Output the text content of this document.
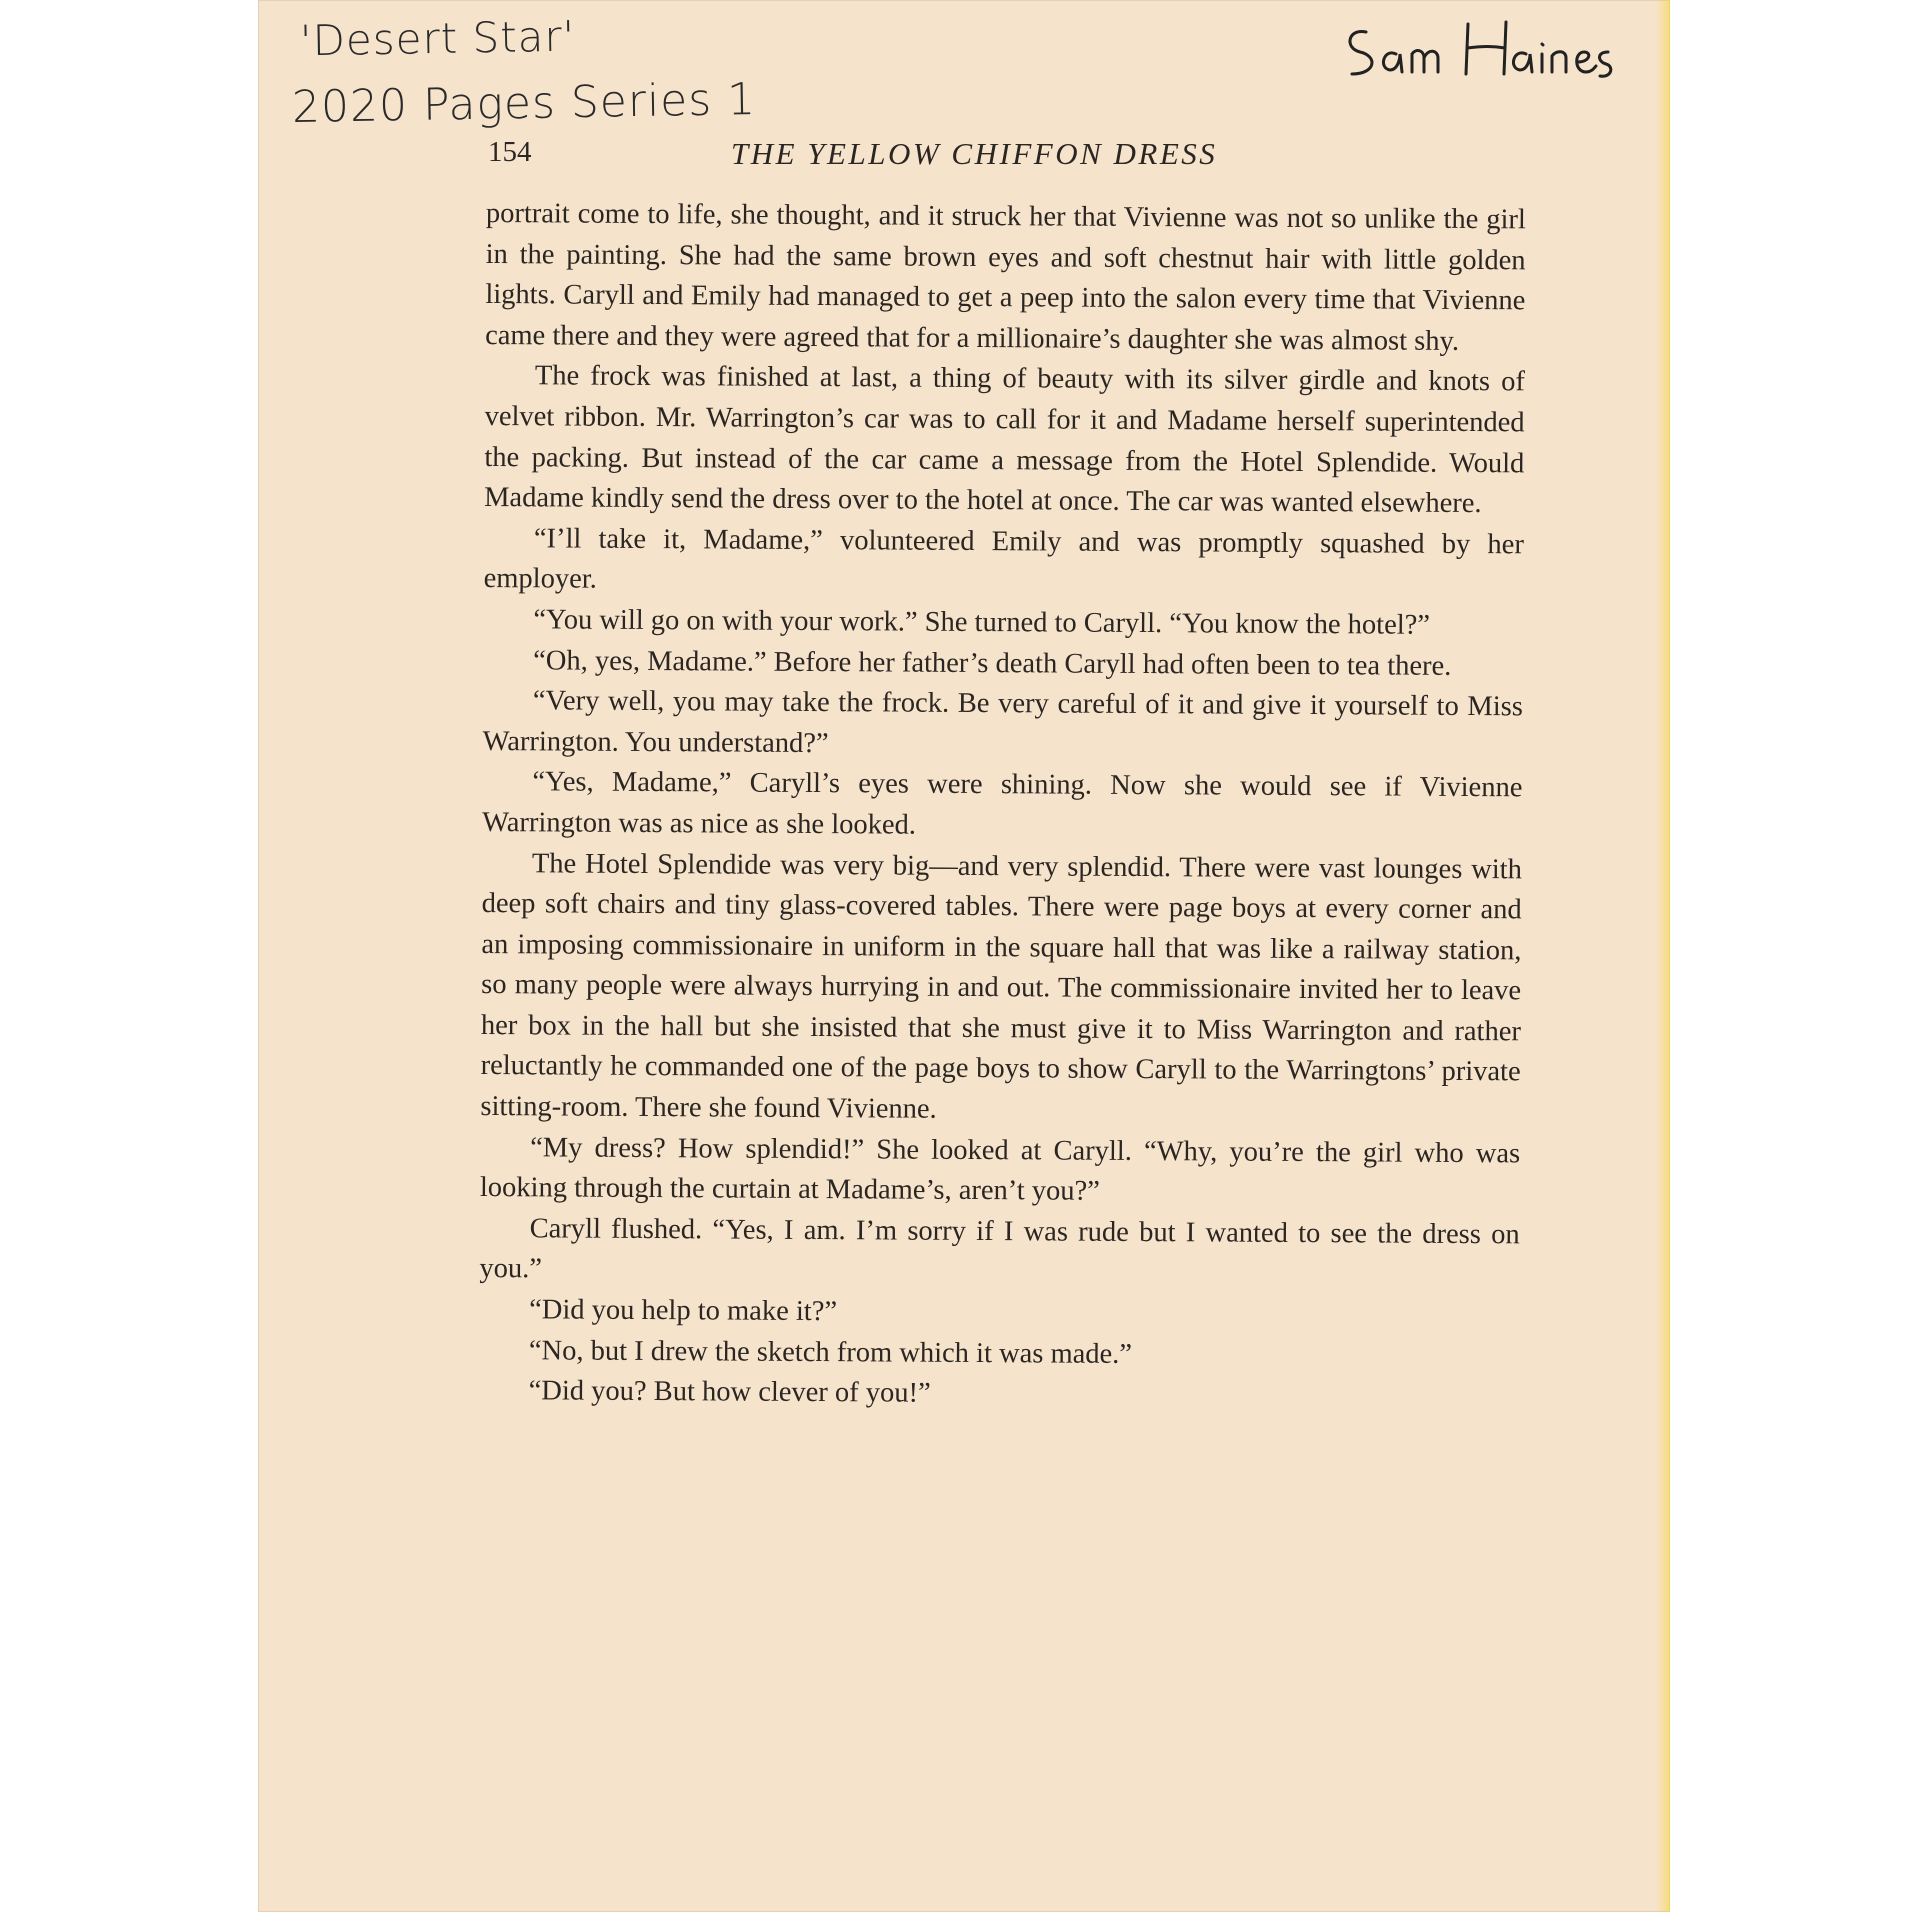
'Desert Star'
2020 Pages Series 1
154	THE YELLOW CHIFFON DRESS

portrait come to life, she thought, and it struck her that Vivienne was not so unlike the girl in the painting. She had the same brown eyes and soft chestnut hair with little golden lights. Caryll and Emily had managed to get a peep into the salon every time that Vivienne came there and they were agreed that for a millionaire’s daughter she was almost shy.

The frock was finished at last, a thing of beauty with its silver girdle and knots of velvet ribbon. Mr. Warrington’s car was to call for it and Madame herself superintended the packing. But instead of the car came a message from the Hotel Splendide. Would Madame kindly send the dress over to the hotel at once. The car was wanted elsewhere.

“I’ll take it, Madame,” volunteered Emily and was promptly squashed by her employer.

“You will go on with your work.” She turned to Caryll. “You know the hotel?”

“Oh, yes, Madame.” Before her father’s death Caryll had often been to tea there.

“Very well, you may take the frock. Be very careful of it and give it yourself to Miss Warrington. You understand?”

“Yes, Madame,” Caryll’s eyes were shining. Now she would see if Vivienne Warrington was as nice as she looked.

The Hotel Splendide was very big—and very splendid. There were vast lounges with deep soft chairs and tiny glass-covered tables. There were page boys at every corner and an imposing commissionaire in uniform in the square hall that was like a railway station, so many people were always hurrying in and out. The commissionaire invited her to leave her box in the hall but she insisted that she must give it to Miss Warrington and rather reluctantly he commanded one of the page boys to show Caryll to the Warringtons’ private sitting-room. There she found Vivienne.

“My dress? How splendid!” She looked at Caryll. “Why, you’re the girl who was looking through the curtain at Madame’s, aren’t you?”

Caryll flushed. “Yes, I am. I’m sorry if I was rude but I wanted to see the dress on you.”

“Did you help to make it?”

“No, but I drew the sketch from which it was made.”

“Did you? But how clever of you!”
